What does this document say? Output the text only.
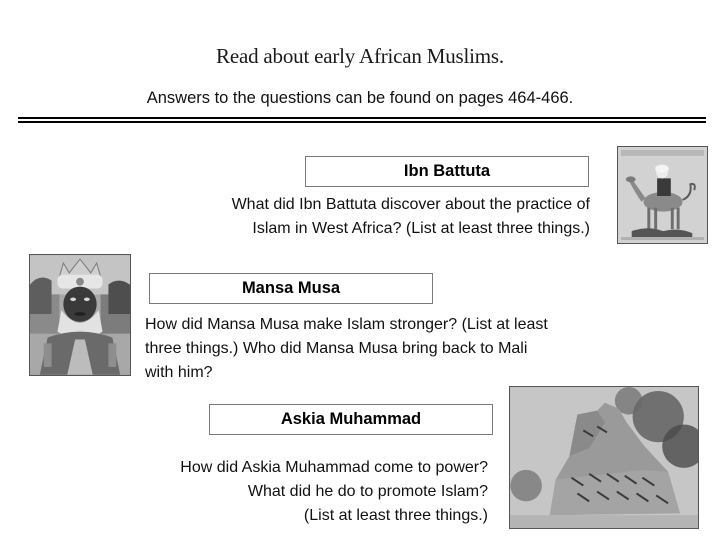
Read about early African Muslims.
Answers to the questions can be found on pages 464-466.
Ibn Battuta
What did Ibn Battuta discover about the practice of
Islam in West Africa? (List at least three things.)
Mansa Musa
How did Mansa Musa make Islam stronger? (List at least
three things.) Who did Mansa Musa bring back to Mali
with him?
Askia Muhammad
How did Askia Muhammad come to power?
What did he do to promote Islam?
(List at least three things.)
